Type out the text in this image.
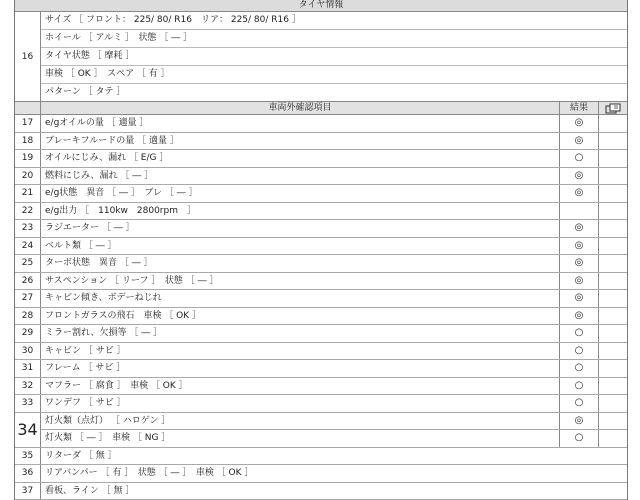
タイヤ情報
16
サイズ ［ フロント： 225/ 80/ R16　リア： 225/ 80/ R16 ］
ホイール ［ アルミ ］　状態 ［ ― ］
タイヤ状態 ［ 摩耗 ］
車検 ［ OK ］　スペア ［ 有 ］
パターン ［ タテ ］
車両外確認項目	結果
17	e/gオイルの量 ［ 適量 ］	◎
18	ブレーキフルードの量 ［ 適量 ］	◎
19	オイルにじみ、漏れ ［ E/G ］	○
20	燃料にじみ、漏れ ［ ― ］	◎
21	e/g状態　異音 ［ ― ］　ブレ ［ ― ］	◎
22	e/g出力 ［　110kw　2800rpm　］
23	ラジエーター ［ ― ］	◎
24	ベルト類 ［ ― ］	◎
25	ターボ状態　異音 ［ ― ］	◎
26	サスペンション ［ リーフ ］　状態 ［ ― ］	◎
27	キャビン傾き、ボデーねじれ	◎
28	フロントガラスの飛石　車検 ［ OK ］	◎
29	ミラー割れ、欠損等 ［ ― ］	○
30	キャビン ［ サビ ］	○
31	フレーム ［ サビ ］	○
32	マフラー ［ 腐食 ］　車検 ［ OK ］	○
33	ワンデフ ［ サビ ］	○
34 灯火類（点灯） ［ ハロゲン ］	◎
灯火類 ［ ― ］　車検 ［ NG ］	○
35	リターダ ［ 無 ］
36	リアバンパー ［ 有 ］　状態 ［ ― ］　車検 ［ OK ］
37	看板、ライン ［ 無 ］
